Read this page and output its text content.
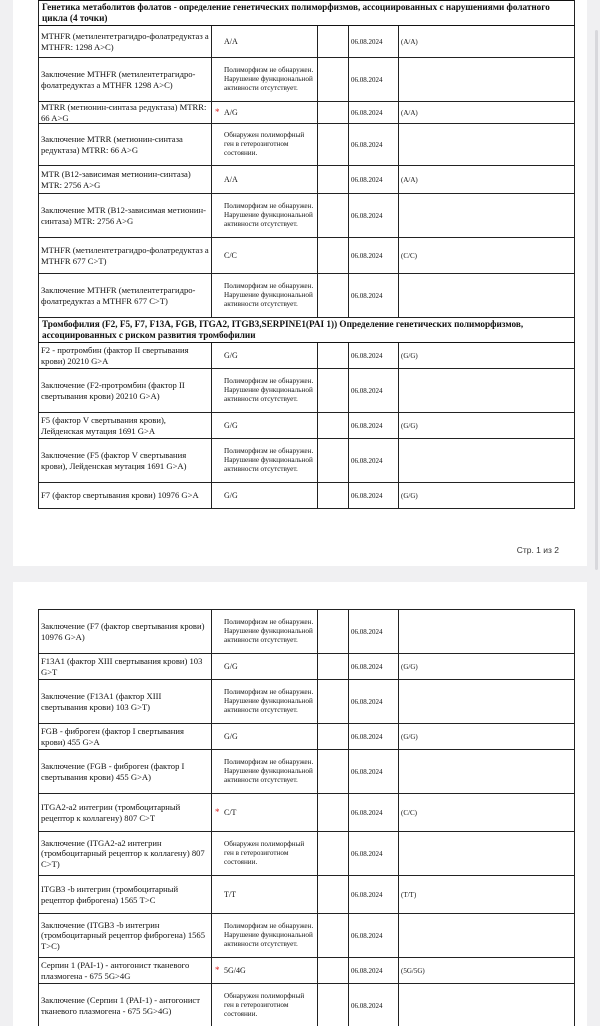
Генетика метаболитов фолатов - определение генетических полиморфизмов, ассоциированных с нарушениями фолатного цикла (4 точки)				
MTHFR (метилентетрагидро-фолатредуктаз а MTHFR: 1298 A>C)	A/A		06.08.2024	(A/A)
Заключение MTHFR (метилентетрагидро-фолатредуктаз а MTHFR 1298 A>C)	Полиморфизм не обнаружен. Нарушение функциональной активности отсутствует.		06.08.2024	
MTRR (метионин-синтаза редуктаза) MTRR: 66 A>G	* A/G		06.08.2024	(A/A)
Заключение MTRR (метионин-синтаза редуктаза) MTRR: 66 A>G	Обнаружен полиморфный ген в гетерозиготном состоянии.		06.08.2024	
MTR (B12-зависимая метионин-синтаза) MTR: 2756 A>G	A/A		06.08.2024	(A/A)
Заключение MTR (B12-зависимая метионин-синтаза) MTR: 2756 A>G	Полиморфизм не обнаружен. Нарушение функциональной активности отсутствует.		06.08.2024	
MTHFR (метилентетрагидро-фолатредуктаз а MTHFR 677 C>T)	C/C		06.08.2024	(C/C)
Заключение MTHFR (метилентетрагидро-фолатредуктаз а MTHFR 677 C>T)	Полиморфизм не обнаружен. Нарушение функциональной активности отсутствует.		06.08.2024	
Тромбофилия (F2, F5, F7, F13A, FGB, ITGA2, ITGB3,SERPINE1(PAI 1)) Определение генетических полиморфизмов, ассоциированных с риском развития тромбофилии				
F2 - протромбин (фактор II свертывания крови) 20210 G>A	G/G		06.08.2024	(G/G)
Заключение (F2-протромбин (фактор II свертывания крови) 20210 G>A)	Полиморфизм не обнаружен. Нарушение функциональной активности отсутствует.		06.08.2024	
F5 (фактор V свертывания крови), Лейденская мутация 1691 G>A	G/G		06.08.2024	(G/G)
Заключение (F5 (фактор V свертывания крови), Лейденская мутация 1691 G>A)	Полиморфизм не обнаружен. Нарушение функциональной активности отсутствует.		06.08.2024	
F7 (фактор свертывания крови) 10976 G>A	G/G		06.08.2024	(G/G)
Стр. 1 из 2
Заключение (F7 (фактор свертывания крови) 10976 G>A)	Полиморфизм не обнаружен. Нарушение функциональной активности отсутствует.		06.08.2024	
F13A1 (фактор XIII свертывания крови) 103 G>T	G/G		06.08.2024	(G/G)
Заключение (F13A1 (фактор XIII свертывания крови) 103 G>T)	Полиморфизм не обнаружен. Нарушение функциональной активности отсутствует.		06.08.2024	
FGB - фиброген (фактор I свертывания крови) 455 G>A	G/G		06.08.2024	(G/G)
Заключение (FGB - фиброген (фактор I свертывания крови) 455 G>A)	Полиморфизм не обнаружен. Нарушение функциональной активности отсутствует.		06.08.2024	
ITGA2-a2 интегрин (тромбоцитарный рецептор к коллагену) 807 C>T	* C/T		06.08.2024	(C/C)
Заключение (ITGA2-a2 интегрин (тромбоцитарный рецептор к коллагену) 807 C>T)	Обнаружен полиморфный ген в гетерозиготном состоянии.		06.08.2024	
ITGB3 -b интегрин (тромбоцитарный рецептор фиброгена) 1565 T>C	T/T		06.08.2024	(T/T)
Заключение (ITGB3 -b интегрин (тромбоцитарный рецептор фиброгена) 1565 T>C)	Полиморфизм не обнаружен. Нарушение функциональной активности отсутствует.		06.08.2024	
Серпин 1 (PAI-1) - антогонист тканевого плазмогена - 675 5G>4G	* 5G/4G		06.08.2024	(5G/5G)
Заключение (Серпин 1 (PAI-1) - антогонист тканевого плазмогена - 675 5G>4G)	Обнаружен полиморфный ген в гетерозиготном состоянии.		06.08.2024	
